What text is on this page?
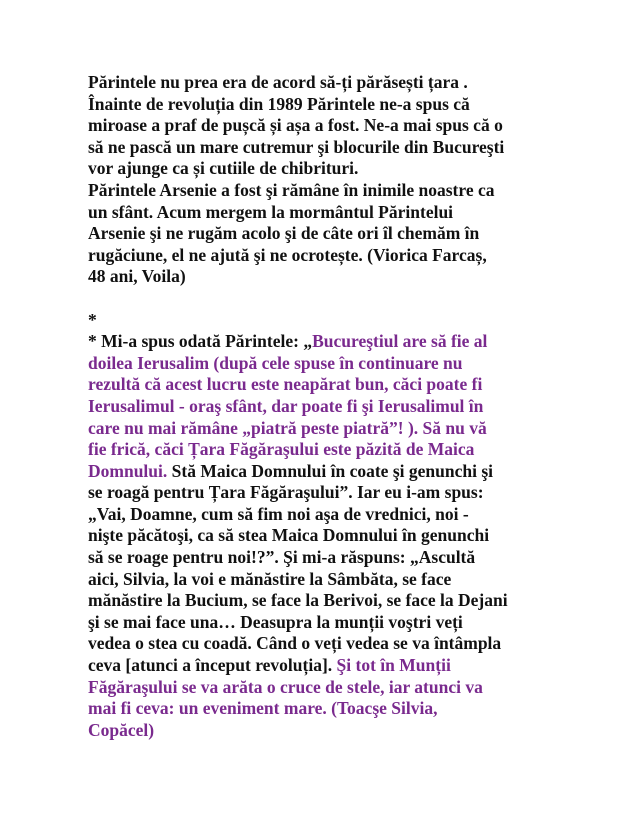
Părintele nu prea era de acord să-ți părăsești țara .
Înainte de revoluția din 1989 Părintele ne-a spus că
miroase a praf de pușcă și așa a fost. Ne-a mai spus că o
să ne pască un mare cutremur şi blocurile din Bucureşti
vor ajunge ca și cutiile de chibrituri.
Părintele Arsenie a fost şi rămâne în inimile noastre ca
un sfânt. Acum mergem la mormântul Părintelui
Arsenie şi ne rugăm acolo şi de câte ori îl chemăm în
rugăciune, el ne ajută şi ne ocrotește. (Viorica Farcaș,
48 ani, Voila)
*
* Mi-a spus odată Părintele: „Bucureştiul are să fie al
doilea Ierusalim (după cele spuse în continuare nu
rezultă că acest lucru este neapărat bun, căci poate fi
Ierusalimul - oraş sfânt, dar poate fi şi Ierusalimul în
care nu mai rămâne „piatră peste piatră”! ). Să nu vă
fie frică, căci Țara Făgăraşului este păzită de Maica
Domnului. Stă Maica Domnului în coate şi genunchi şi
se roagă pentru Țara Făgăraşului”. Iar eu i-am spus:
„Vai, Doamne, cum să fim noi aşa de vrednici, noi -
nişte păcătoşi, ca să stea Maica Domnului în genunchi
să se roage pentru noi!?”. Şi mi-a răspuns: „Ascultă
aici, Silvia, la voi e mănăstire la Sâmbăta, se face
mănăstire la Bucium, se face la Berivoi, se face la Dejani
şi se mai face una… Deasupra la munții voştri veți
vedea o stea cu coadă. Când o veți vedea se va întâmpla
ceva [atunci a început revoluția]. Şi tot în Munții
Făgăraşului se va arăta o cruce de stele, iar atunci va
mai fi ceva: un eveniment mare. (Toacşe Silvia,
Copăcel)
